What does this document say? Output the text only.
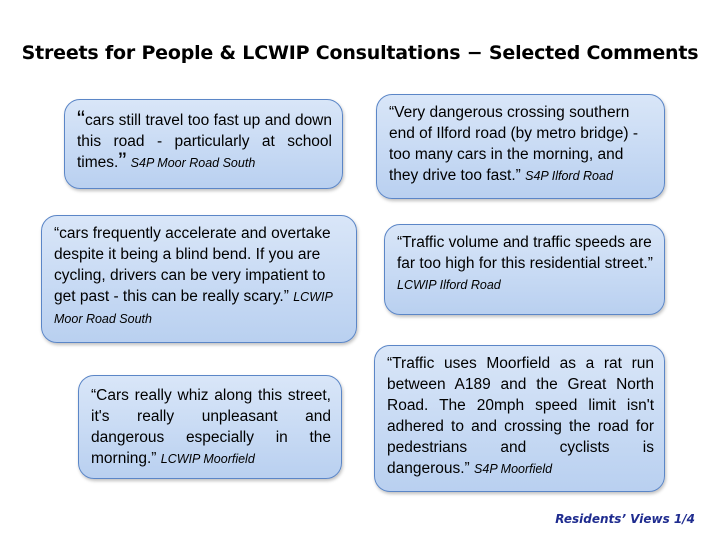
Streets for People & LCWIP Consultations − Selected Comments

“cars still travel too fast up and down this road - particularly at school times.” S4P Moor Road South

“Very dangerous crossing southern end of Ilford road (by metro bridge) - too many cars in the morning, and they drive too fast.” S4P Ilford Road

“cars frequently accelerate and overtake despite it being a blind bend. If you are cycling, drivers can be very impatient to get past - this can be really scary.” LCWIP Moor Road South

“Traffic volume and traffic speeds are far too high for this residential street.” LCWIP Ilford Road

“Cars really whiz along this street, it's really unpleasant and dangerous especially in the morning.” LCWIP Moorfield

“Traffic uses Moorfield as a rat run between A189 and the Great North Road. The 20mph speed limit isn't adhered to and crossing the road for pedestrians and cyclists is dangerous.” S4P Moorfield

Residents’ Views 1/4
